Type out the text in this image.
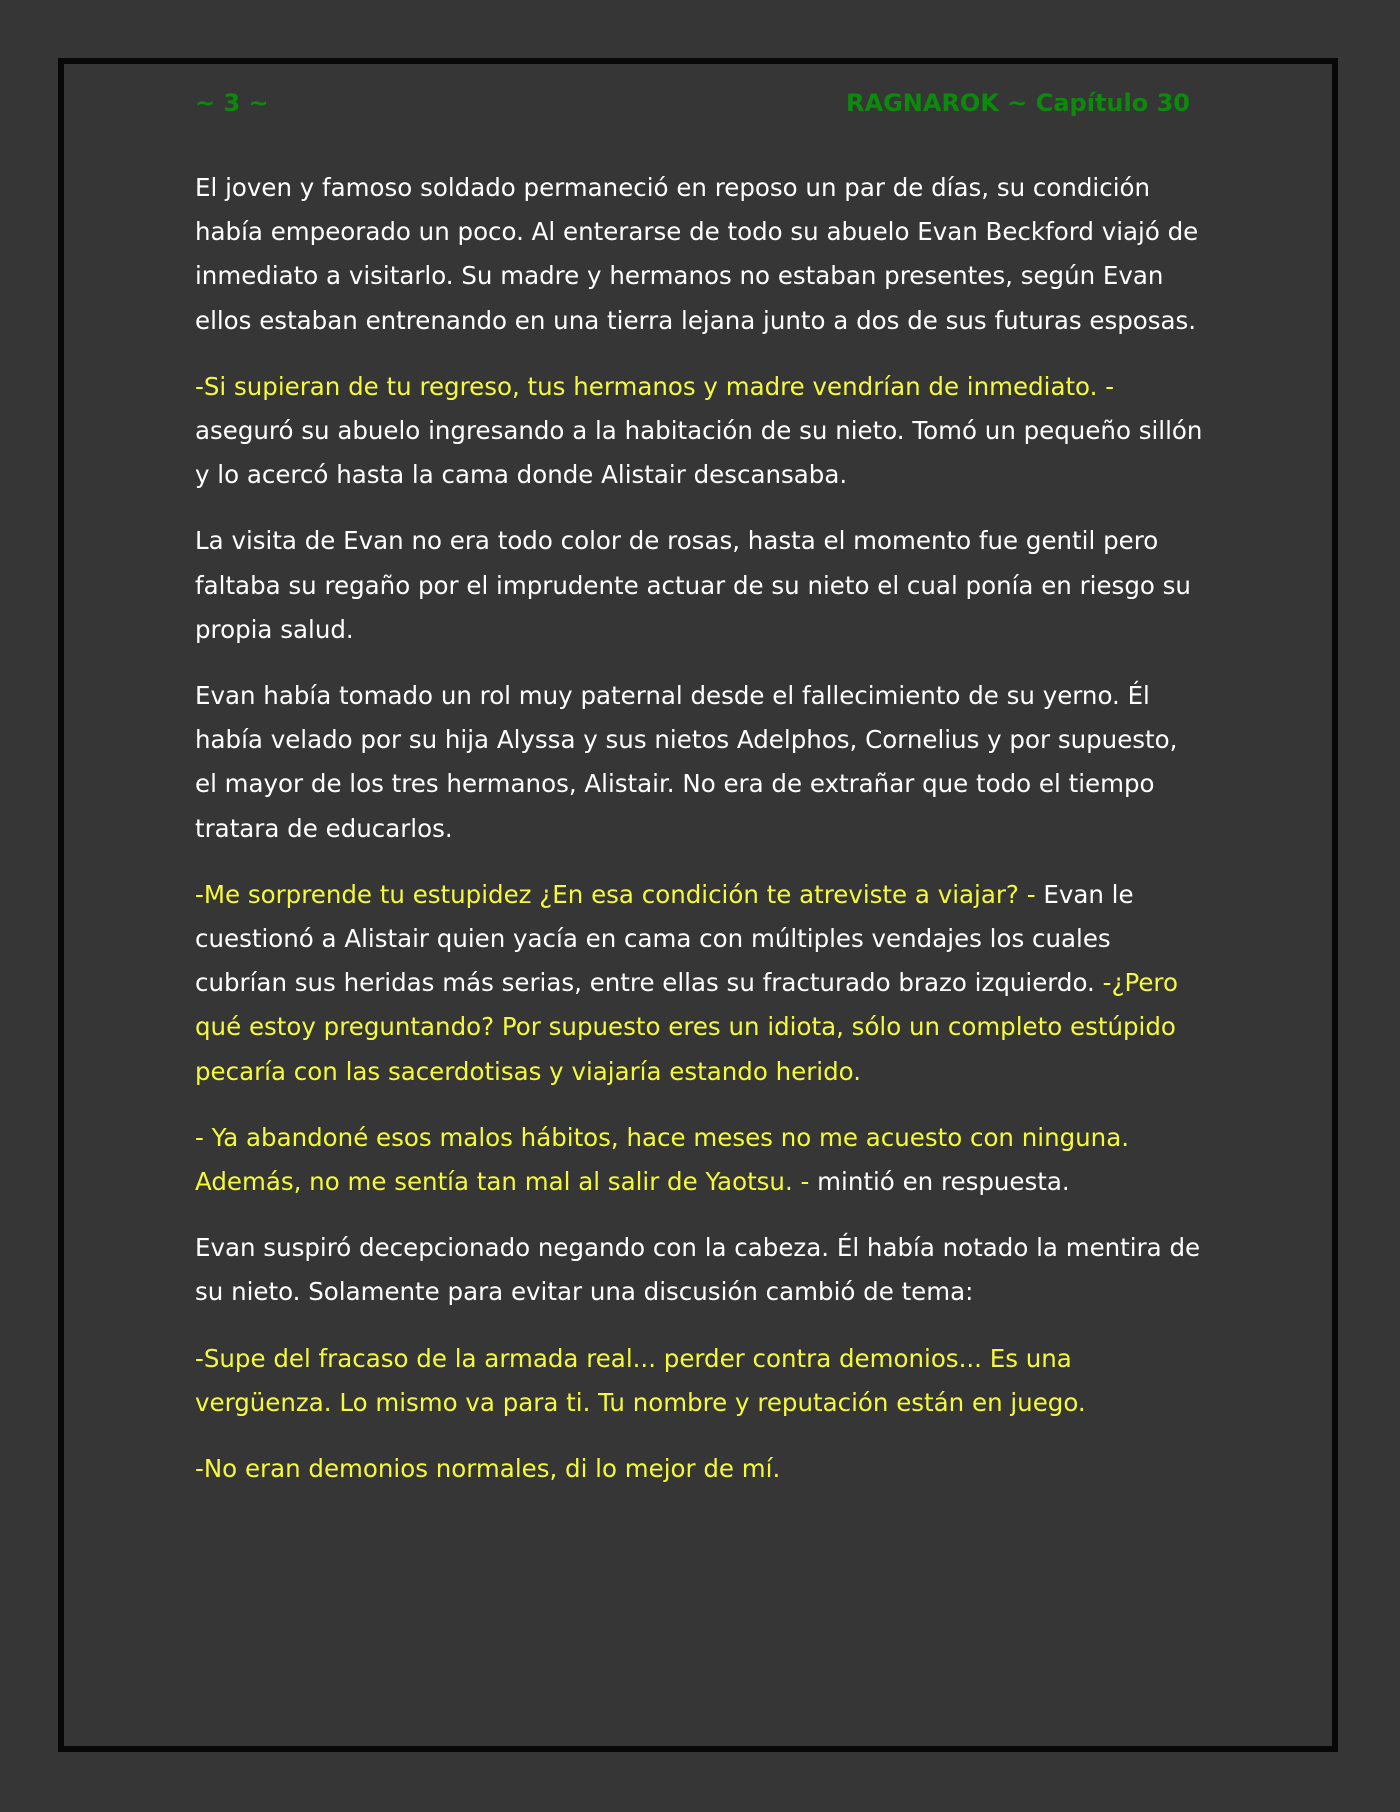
~ 3 ~	RAGNAROK ~ Capítulo 30

El joven y famoso soldado permaneció en reposo un par de días, su condición había empeorado un poco. Al enterarse de todo su abuelo Evan Beckford viajó de inmediato a visitarlo. Su madre y hermanos no estaban presentes, según Evan ellos estaban entrenando en una tierra lejana junto a dos de sus futuras esposas.

-Si supieran de tu regreso, tus hermanos y madre vendrían de inmediato. - aseguró su abuelo ingresando a la habitación de su nieto. Tomó un pequeño sillón y lo acercó hasta la cama donde Alistair descansaba.

La visita de Evan no era todo color de rosas, hasta el momento fue gentil pero faltaba su regaño por el imprudente actuar de su nieto el cual ponía en riesgo su propia salud.

Evan había tomado un rol muy paternal desde el fallecimiento de su yerno. Él había velado por su hija Alyssa y sus nietos Adelphos, Cornelius y por supuesto, el mayor de los tres hermanos, Alistair. No era de extrañar que todo el tiempo tratara de educarlos.

-Me sorprende tu estupidez ¿En esa condición te atreviste a viajar? - Evan le cuestionó a Alistair quien yacía en cama con múltiples vendajes los cuales cubrían sus heridas más serias, entre ellas su fracturado brazo izquierdo. -¿Pero qué estoy preguntando? Por supuesto eres un idiota, sólo un completo estúpido pecaría con las sacerdotisas y viajaría estando herido.

- Ya abandoné esos malos hábitos, hace meses no me acuesto con ninguna. Además, no me sentía tan mal al salir de Yaotsu. - mintió en respuesta.

Evan suspiró decepcionado negando con la cabeza. Él había notado la mentira de su nieto. Solamente para evitar una discusión cambió de tema:

-Supe del fracaso de la armada real... perder contra demonios... Es una vergüenza. Lo mismo va para ti. Tu nombre y reputación están en juego.

-No eran demonios normales, di lo mejor de mí.
